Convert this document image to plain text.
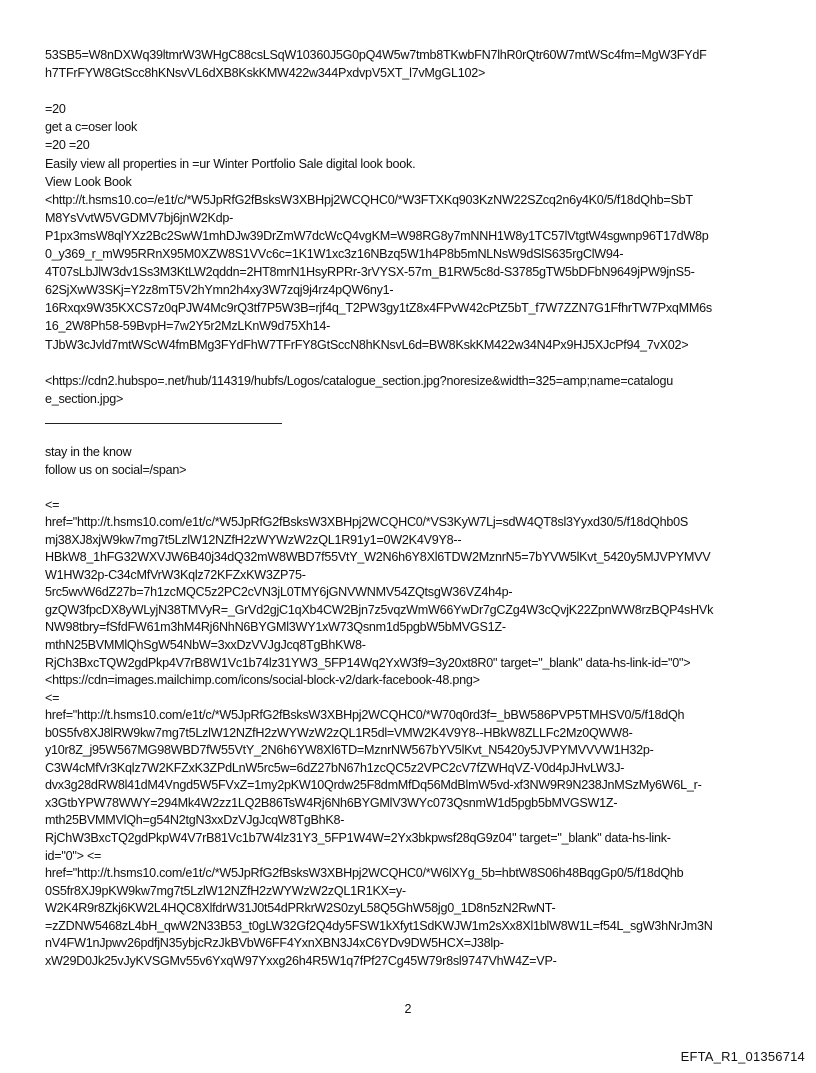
53SB5=W8nDXWq39ltmrW3WHgC88csLSqW10360J5G0pQ4W5w7tmb8TKwbFN7lhR0rQtr60W7mtWSc4fm=MgW3FYdF
h7TFrFYW8GtScc8hKNsvVL6dXB8KskKMW422w344PxdvpV5XT_l7vMgGL102>
=20
get a c=oser look
=20 =20
Easily view all properties in =ur Winter Portfolio Sale digital look book.
View Look Book
<http://t.hsms10.co=/e1t/c/*W5JpRfG2fBsksW3XBHpj2WCQHC0/*W3FTXKq903KzNW22SZcq2n6y4K0/5/f18dQhb=SbT
M8YsVvtW5VGDMV7bj6jnW2Kdp-
P1px3msW8qlYXz2Bc2SwW1mhDJw39DrZmW7dcWcQ4vgKM=W98RG8y7mNNH1W8y1TC57lVtgtW4sgwnp96T17dW8p
0_y369_r_mW95RRnX95M0XZW8S1VVc6c=1K1W1xc3z16NBzq5W1h4P8b5mNLNsW9dSlS635rgClW94-
4T07sLbJlW3dv1Ss3M3KtLW2qddn=2HT8mrN1HsyRPRr-3rVYSX-57m_B1RW5c8d-S3785gTW5bDFbN9649jPW9jnS5-
62SjXwW3SKj=Y2z8mT5V2hYmn2h4xy3W7zqj9j4rz4pQW6ny1-
16Rxqx9W35KXCS7z0qPJW4Mc9rQ3tf7P5W3B=rjf4q_T2PW3gy1tZ8x4FPvW42cPtZ5bT_f7W7ZZN7G1FfhrTW7PxqMM6s
16_2W8Ph58-59BvpH=7w2Y5r2MzLKnW9d75Xh14-
TJbW3cJvld7mtWScW4fmBMg3FYdFhW7TFrFY8GtSccN8hKNsvL6d=BW8KskKM422w34N4Px9HJ5XJcPf94_7vX02>
<https://cdn2.hubspo=.net/hub/114319/hubfs/Logos/catalogue_section.jpg?noresize&width=325=amp;name=catalogu
e_section.jpg>
stay in the know
follow us on social=/span>
<=
href="http://t.hsms10.com/e1t/c/*W5JpRfG2fBsksW3XBHpj2WCQHC0/*VS3KyW7Lj=sdW4QT8sl3Yyxd30/5/f18dQhb0S
mj38XJ8xjW9kw7mg7t5LzlW12NZfH2zWYWzW2zQL1R91y1=0W2K4V9Y8--
HBkW8_1hFG32WXVJW6B40j34dQ32mW8WBD7f55VtY_W2N6h6Y8Xl6TDW2MznrN5=7bYVW5lKvt_5420y5MJVPYMVV
W1HW32p-C34cMfVrW3Kqlz72KFZxKW3ZP75-
5rc5wvW6dZ27b=7h1zcMQC5z2PC2cVN3jL0TMY6jGNVWNMV54ZQtsgW36VZ4h4p-
gzQW3fpcDX8yWLyjN38TMVyR=_GrVd2gjC1qXb4CW2Bjn7z5vqzWmW66YwDr7gCZg4W3cQvjK22ZpnWW8rzBQP4sHVk
NW98tbry=fSfdFW61m3hM4Rj6NhN6BYGMl3WY1xW73Qsnm1d5pgbW5bMVGS1Z-
mthN25BVMMlQhSgW54NbW=3xxDzVVJgJcq8TgBhKW8-
RjCh3BxcTQW2gdPkp4V7rB8W1Vc1b74lz31YW3_5FP14Wq2YxW3f9=3y20xt8R0" target="_blank" data-hs-link-id="0">
<https://cdn=images.mailchimp.com/icons/social-block-v2/dark-facebook-48.png>
<=
href="http://t.hsms10.com/e1t/c/*W5JpRfG2fBsksW3XBHpj2WCQHC0/*W70q0rd3f=_bBW586PVP5TMHSV0/5/f18dQh
b0S5fv8XJ8lRW9kw7mg7t5LzlW12NZfH2zWYWzW2zQL1R5dl=VMW2K4V9Y8--HBkW8ZLLFc2Mz0QWW8-
y10r8Z_j95W567MG98WBD7fW55VtY_2N6h6YW8Xl6TD=MznrNW567bYV5lKvt_N5420y5JVPYMVVVW1H32p-
C3W4cMfVr3Kqlz7W2KFZxK3ZPdLnW5rc5w=6dZ27bN67h1zcQC5z2VPC2cV7fZWHqVZ-V0d4pJHvLW3J-
dvx3g28dRW8l41dM4Vngd5W5FVxZ=1my2pKW10Qrdw25F8dmMfDq56MdBlmW5vd-xf3NW9R9N238JnMSzMy6W6L_r-
x3GtbYPW78WWY=294Mk4W2zz1LQ2B86TsW4Rj6Nh6BYGMlV3WYc073QsnmW1d5pgb5bMVGSW1Z-
mth25BVMMVlQh=g54N2tgN3xxDzVJgJcqW8TgBhK8-
RjChW3BxcTQ2gdPkpW4V7rB81Vc1b7W4lz31Y3_5FP1W4W=2Yx3bkpwsf28qG9z04" target="_blank" data-hs-link-
id="0"> <=
href="http://t.hsms10.com/e1t/c/*W5JpRfG2fBsksW3XBHpj2WCQHC0/*W6lXYg_5b=hbtW8S06h48BqgGp0/5/f18dQhb
0S5fr8XJ9pKW9kw7mg7t5LzlW12NZfH2zWYWzW2zQL1R1KX=y-
W2K4R9r8Zkj6KW2L4HQC8XlfdrW31J0t54dPRkrW2S0zyL58Q5GhW58jg0_1D8n5zN2RwNT-
=zZDNW5468zL4bH_qwW2N33B53_t0gLW32Gf2Q4dy5FSW1kXfyt1SdKWJW1m2sXx8Xl1blW8W1L=f54L_sgW3hNrJm3N
nV4FW1nJpwv26pdfjN35ybjcRzJkBVbW6FF4YxnXBN3J4xC6YDv9DW5HCX=J38lp-
xW29D0Jk25vJyKVSGMv55v6YxqW97Yxxg26h4R5W1q7fPf27Cg45W79r8sl9747VhW4Z=VP-
2
EFTA_R1_01356714
